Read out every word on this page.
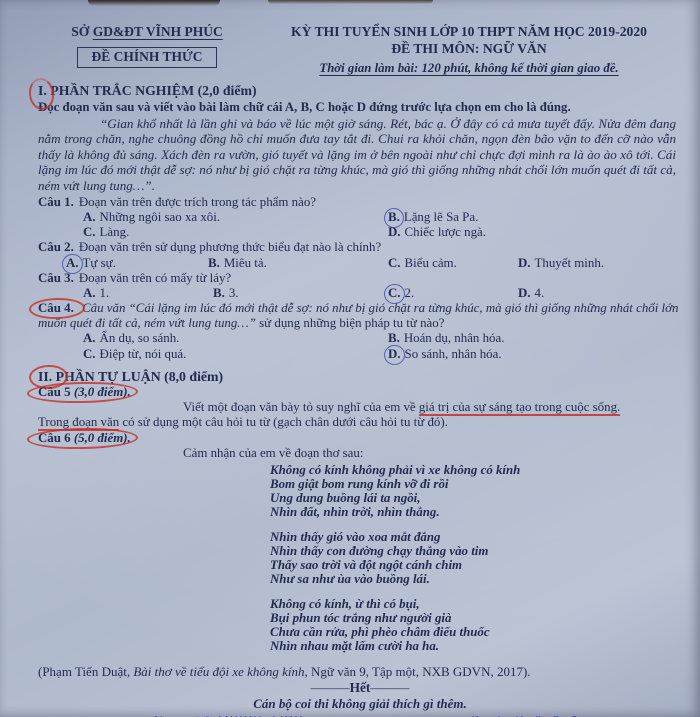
SỞ GD&ĐT VĨNH PHÚC
ĐỀ CHÍNH THỨC
KỲ THI TUYỂN SINH LỚP 10 THPT NĂM HỌC 2019-2020
ĐỀ THI MÔN: NGỮ VĂN
Thời gian làm bài: 120 phút, không kể thời gian giao đề.
I. PHẦN TRẮC NGHIỆM (2,0 điểm)
Đọc đoạn văn sau và viết vào bài làm chữ cái A, B, C hoặc D đứng trước lựa chọn em cho là đúng.
“Gian khổ nhất là lần ghi và báo về lúc một giờ sáng. Rét, bác ạ. Ở đây có cả mưa tuyết đấy. Nửa đêm đang nằm trong chăn, nghe chuông đồng hồ chỉ muốn đưa tay tắt đi. Chui ra khỏi chăn, ngọn đèn bão vặn to đến cỡ nào vẫn thấy là không đủ sáng. Xách đèn ra vườn, gió tuyết và lặng im ở bên ngoài như chỉ chực đợi mình ra là ào ào xô tới. Cái lặng im lúc đó mới thật dễ sợ: nó như bị gió chặt ra từng khúc, mà gió thì giống những nhát chổi lớn muốn quét đi tất cả, ném vứt lung tung…”.
Câu 1. Đoạn văn trên được trích trong tác phẩm nào?
A. Những ngôi sao xa xôi.	B. Lặng lẽ Sa Pa.
C. Làng.	D. Chiếc lược ngà.
Câu 2. Đoạn văn trên sử dụng phương thức biểu đạt nào là chính?
A. Tự sự.	B. Miêu tả.	C. Biểu cảm.	D. Thuyết minh.
Câu 3. Đoạn văn trên có mấy từ láy?
A. 1.	B. 3.	C. 2.	D. 4.
Câu 4. Câu văn “Cái lặng im lúc đó mới thật dễ sợ: nó như bị gió chặt ra từng khúc, mà gió thì giống những nhát chổi lớn muốn quét đi tất cả, ném vứt lung tung…” sử dụng những biện pháp tu từ nào?
A. Ẩn dụ, so sánh.	B. Hoán dụ, nhân hóa.
C. Điệp từ, nói quá.	D. So sánh, nhân hóa.
II. PHẦN TỰ LUẬN (8,0 điểm)
Câu 5 (3,0 điểm).
Viết một đoạn văn bày tỏ suy nghĩ của em về giá trị của sự sáng tạo trong cuộc sống.
Trong đoạn văn có sử dụng một câu hỏi tu từ (gạch chân dưới câu hỏi tu từ đó).
Câu 6 (5,0 điểm).
Cảm nhận của em về đoạn thơ sau:
Không có kính không phải vì xe không có kính
Bom giật bom rung kính vỡ đi rồi
Ung dung buồng lái ta ngồi,
Nhìn đất, nhìn trời, nhìn thẳng.
Nhìn thấy gió vào xoa mắt đắng
Nhìn thấy con đường chạy thẳng vào tim
Thấy sao trời và đột ngột cánh chim
Như sa như ùa vào buồng lái.
Không có kính, ừ thì có bụi,
Bụi phun tóc trắng như người già
Chưa cần rửa, phì phèo châm điếu thuốc
Nhìn nhau mặt lấm cười ha ha.
(Phạm Tiến Duật, Bài thơ về tiểu đội xe không kính, Ngữ văn 9, Tập một, NXB GDVN, 2017).
———Hết———
Cán bộ coi thi không giải thích gì thêm.
